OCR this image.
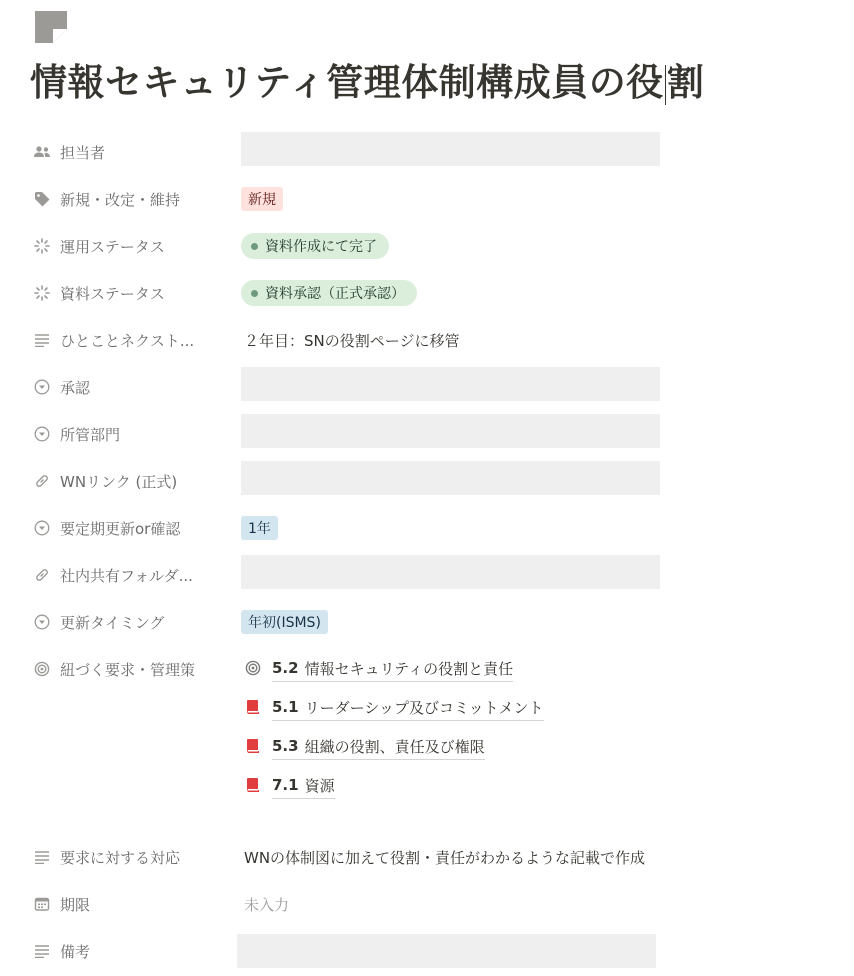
情報セキュリティ管理体制構成員の役割
担当者
新規・改定・維持	新規
運用ステータス	資料作成にて完了
資料ステータス	資料承認（正式承認）
ひとことネクスト...	２年目：SNの役割ページに移管
承認
所管部門
WNリンク (正式)
要定期更新or確認	1年
社内共有フォルダ...
更新タイミング	年初(ISMS)
紐づく要求・管理策	5.2 情報セキュリティの役割と責任
5.1 リーダーシップ及びコミットメント
5.3 組織の役割、責任及び権限
7.1 資源
要求に対する対応	WNの体制図に加えて役割・責任がわかるような記載で作成
期限	未入力
備考
